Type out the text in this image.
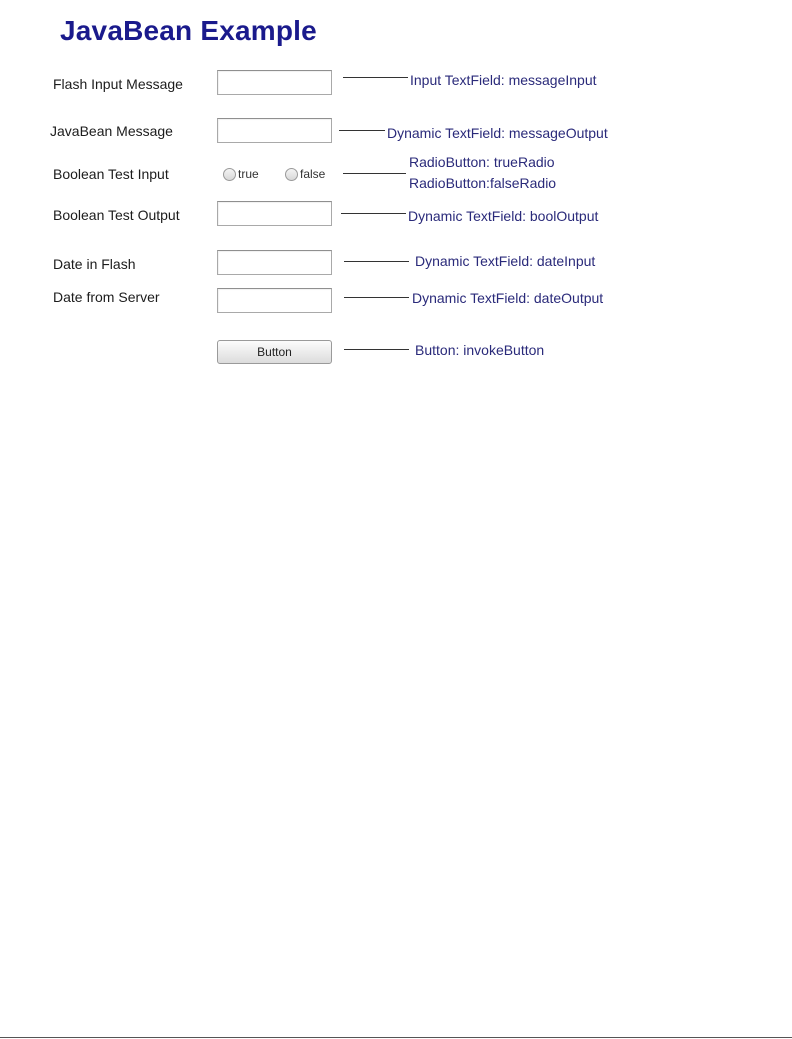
JavaBean Example
Flash Input Message	Input TextField: messageInput
JavaBean Message	Dynamic TextField: messageOutput
Boolean Test Input	true	false
RadioButton: trueRadio
RadioButton:falseRadio
Boolean Test Output	Dynamic TextField: boolOutput
Date in Flash	Dynamic TextField: dateInput
Date from Server	Dynamic TextField: dateOutput
Button	Button: invokeButton
